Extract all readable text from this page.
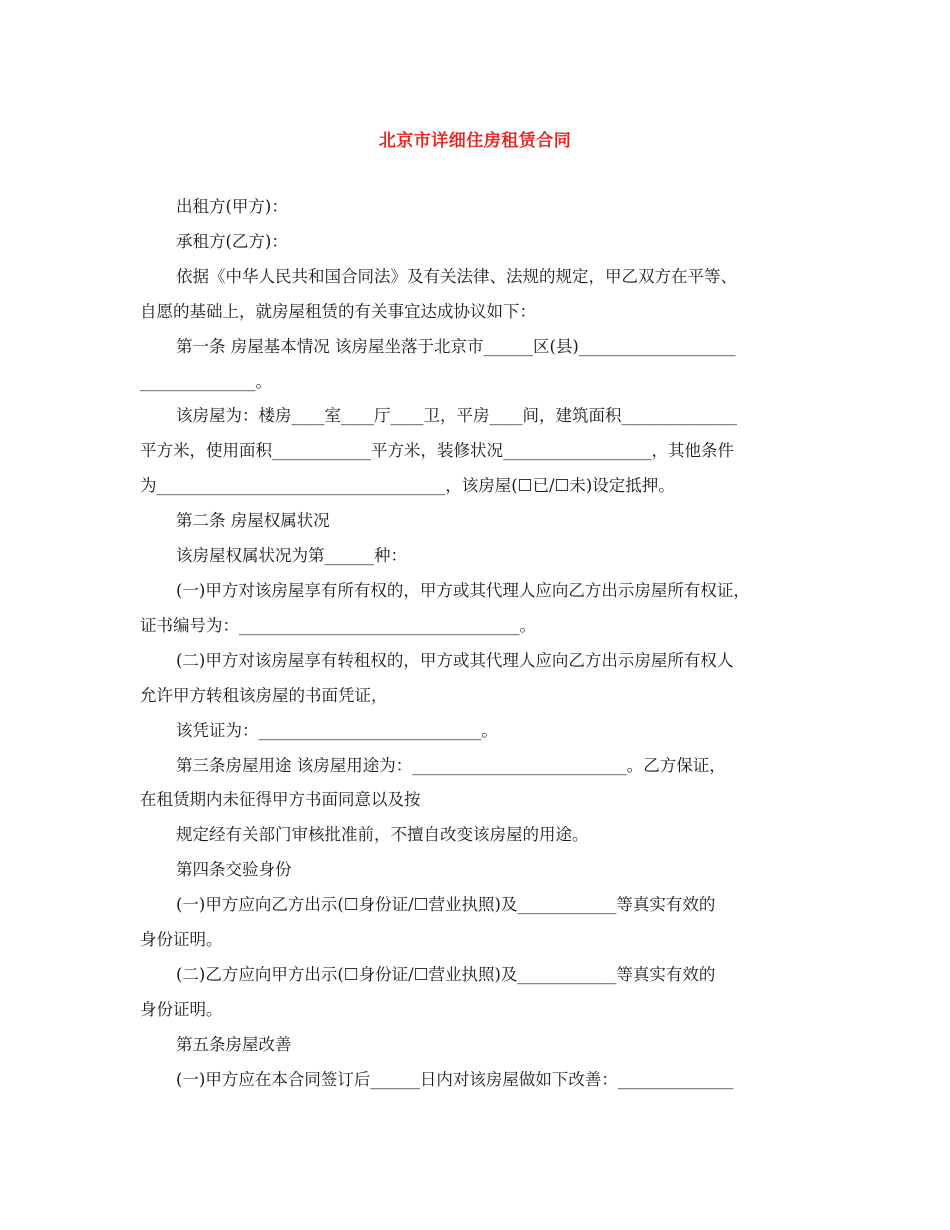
北京市详细住房租赁合同
出租方(甲方)：
承租方(乙方)：
依据《中华人民共和国合同法》及有关法律、法规的规定，甲乙双方在平等、
自愿的基础上，就房屋租赁的有关事宜达成协议如下：
第一条 房屋基本情况 该房屋坐落于北京市______区(县)___________________
______________。
该房屋为：楼房____室____厅____卫，平房____间，建筑面积______________
平方米，使用面积____________平方米，装修状况__________________，其他条件
为___________________________________，该房屋(☐已/☐未)设定抵押。
第二条 房屋权属状况
该房屋权属状况为第______种：
(一)甲方对该房屋享有所有权的，甲方或其代理人应向乙方出示房屋所有权证，
证书编号为：__________________________________。
(二)甲方对该房屋享有转租权的，甲方或其代理人应向乙方出示房屋所有权人
允许甲方转租该房屋的书面凭证，
该凭证为：___________________________。
第三条房屋用途 该房屋用途为：__________________________。乙方保证，
在租赁期内未征得甲方书面同意以及按
规定经有关部门审核批准前，不擅自改变该房屋的用途。
第四条交验身份
(一)甲方应向乙方出示(☐身份证/☐营业执照)及____________等真实有效的
身份证明。
(二)乙方应向甲方出示(☐身份证/☐营业执照)及____________等真实有效的
身份证明。
第五条房屋改善
(一)甲方应在本合同签订后______日内对该房屋做如下改善：______________
